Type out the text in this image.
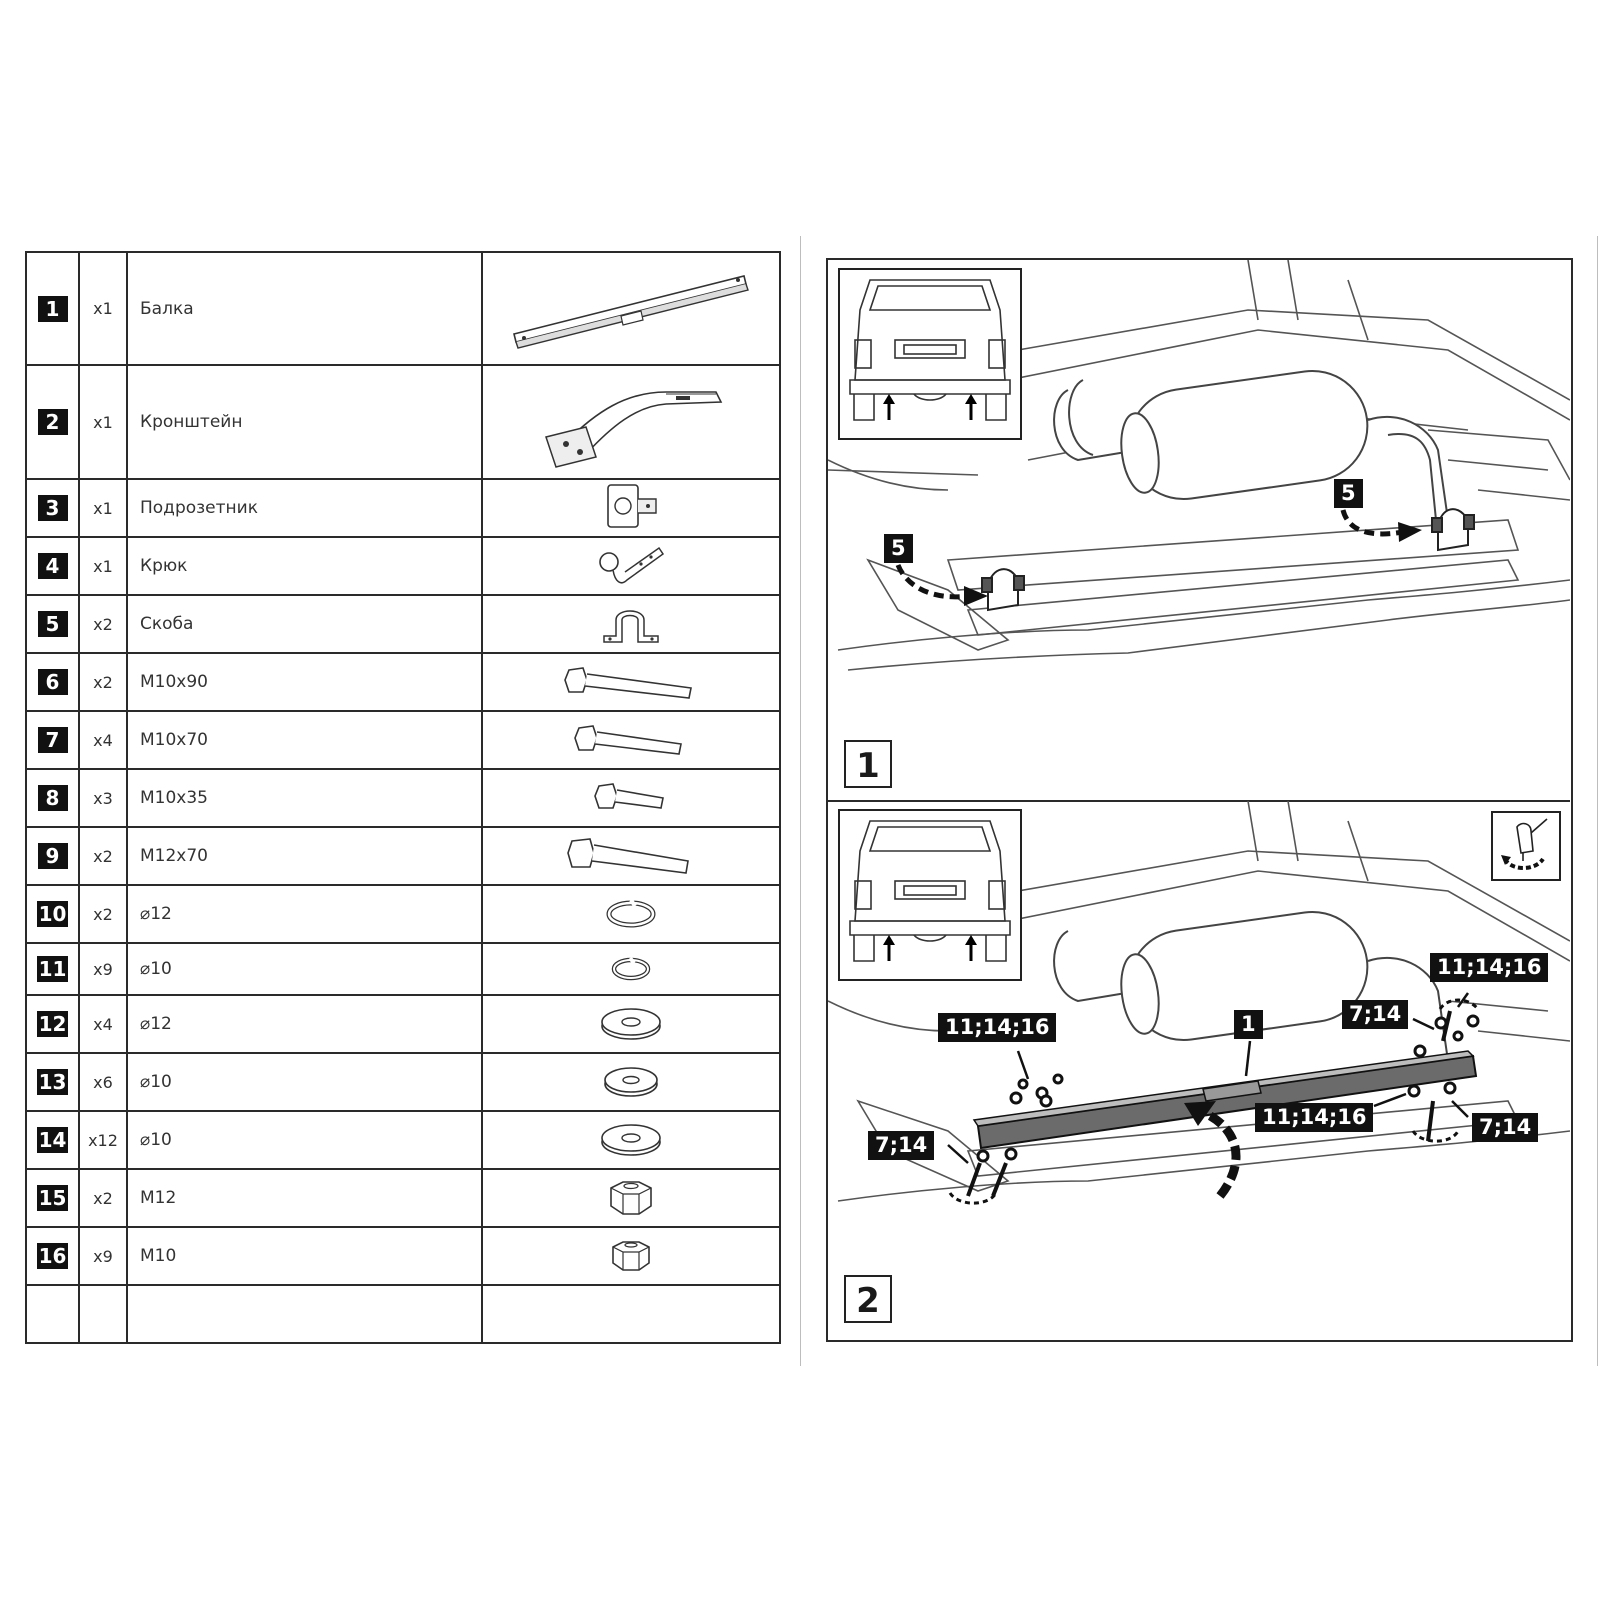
1	x1	Балка	

2	x1	Кронштейн	

3	x1	Подрозетник	

4	x1	Крюк	

5	x2	Скоба	

6	x2	M10x90	

7	x4	M10x70	

8	x3	M10x35	

9	x2	M12x70	

10	x2	⌀12	

11	x9	⌀10	

12	x4	⌀12	

13	x6	⌀10	

14	x12	⌀10	

15	x2	M12	

16	x9	M10	

5
5
1
1
11;14;16
7;14
11;14;16
7;14
11;14;16	7;14
2
